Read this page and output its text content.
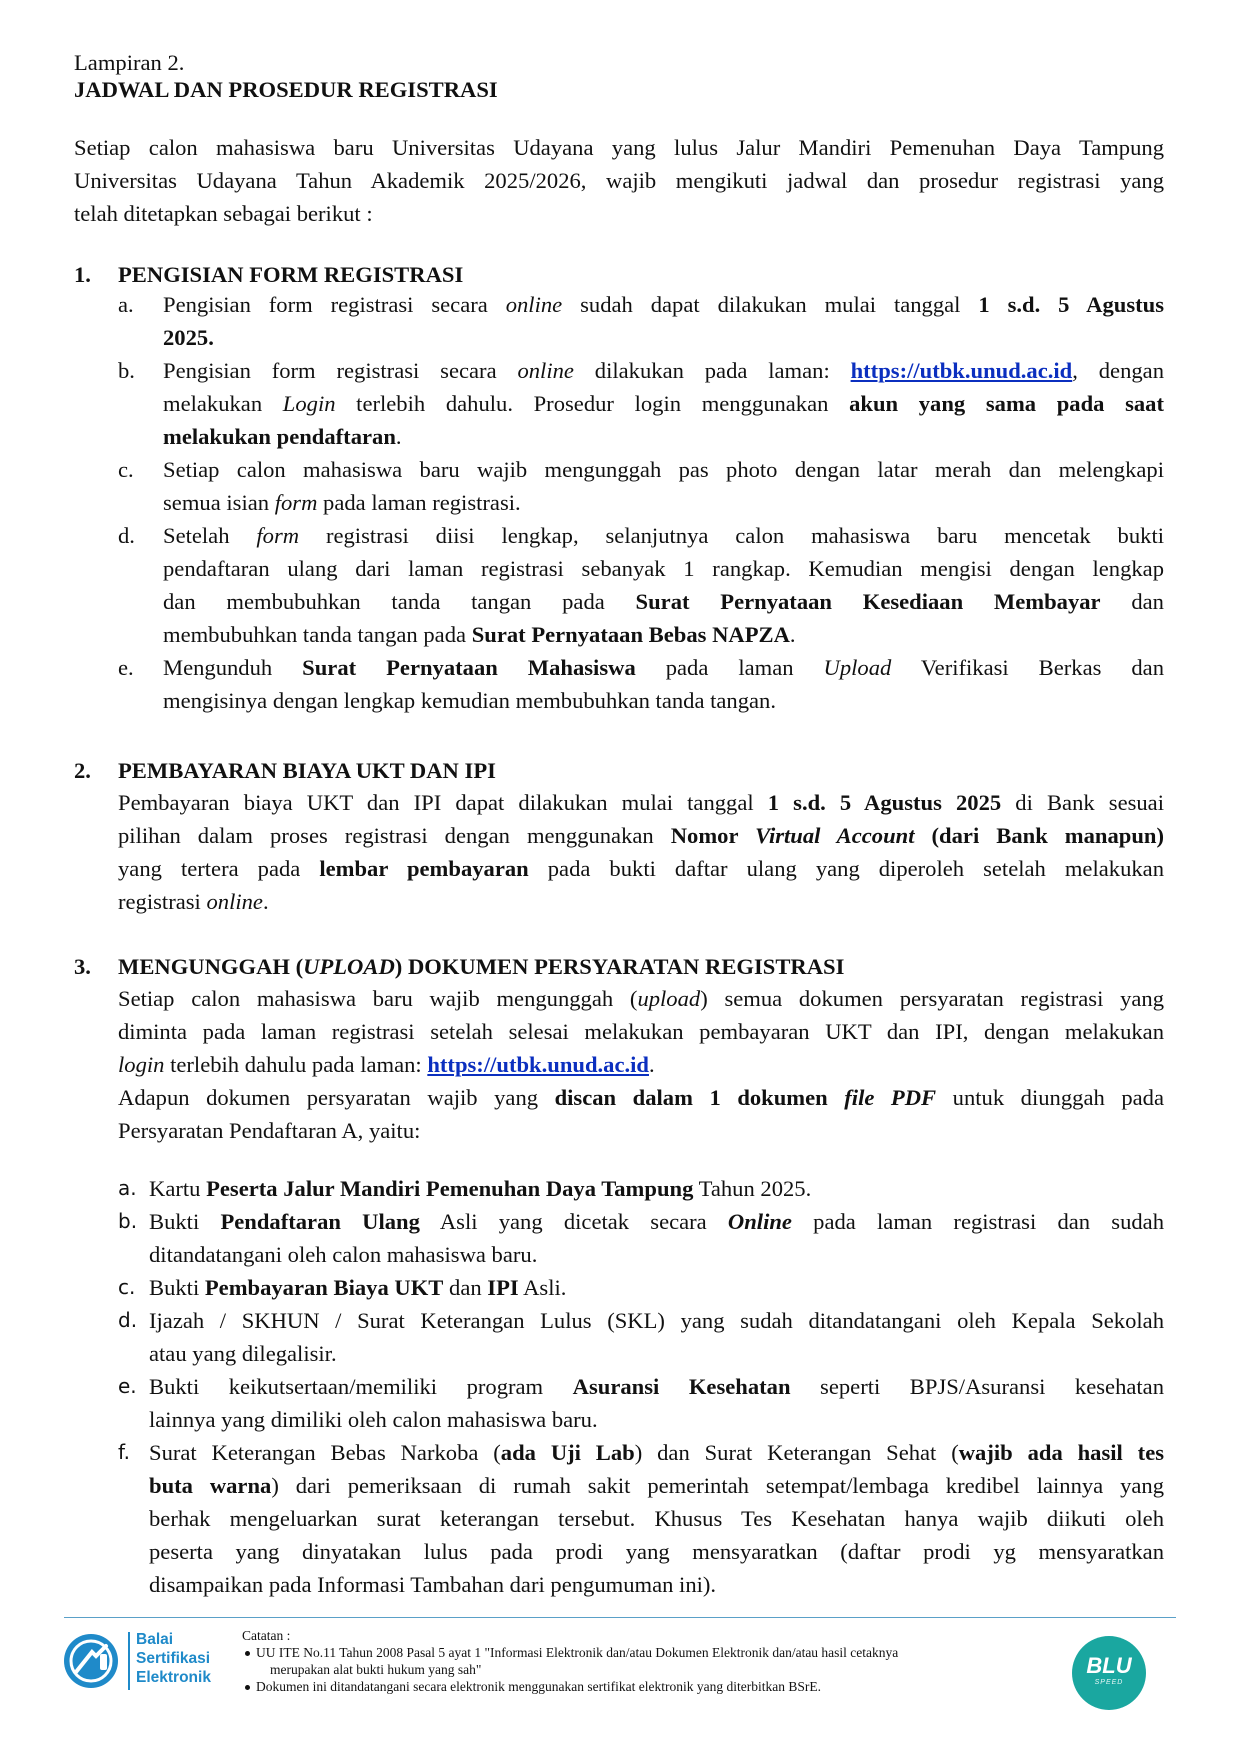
Lampiran 2.
JADWAL DAN PROSEDUR REGISTRASI
Setiap calon mahasiswa baru Universitas Udayana yang lulus Jalur Mandiri Pemenuhan Daya Tampung
Universitas Udayana Tahun Akademik 2025/2026, wajib mengikuti jadwal dan prosedur registrasi yang
telah ditetapkan sebagai berikut :
1. PENGISIAN FORM REGISTRASI
a. Pengisian form registrasi secara online sudah dapat dilakukan mulai tanggal 1 s.d. 5 Agustus
2025.
b. Pengisian form registrasi secara online dilakukan pada laman: https://utbk.unud.ac.id, dengan
melakukan Login terlebih dahulu. Prosedur login menggunakan akun yang sama pada saat
melakukan pendaftaran.
c. Setiap calon mahasiswa baru wajib mengunggah pas photo dengan latar merah dan melengkapi
semua isian form pada laman registrasi.
d. Setelah form registrasi diisi lengkap, selanjutnya calon mahasiswa baru mencetak bukti
pendaftaran ulang dari laman registrasi sebanyak 1 rangkap. Kemudian mengisi dengan lengkap
dan membubuhkan tanda tangan pada Surat Pernyataan Kesediaan Membayar dan
membubuhkan tanda tangan pada Surat Pernyataan Bebas NAPZA.
e. Mengunduh Surat Pernyataan Mahasiswa pada laman Upload Verifikasi Berkas dan
mengisinya dengan lengkap kemudian membubuhkan tanda tangan.
2. PEMBAYARAN BIAYA UKT DAN IPI
Pembayaran biaya UKT dan IPI dapat dilakukan mulai tanggal 1 s.d. 5 Agustus 2025 di Bank sesuai
pilihan dalam proses registrasi dengan menggunakan Nomor Virtual Account (dari Bank manapun)
yang tertera pada lembar pembayaran pada bukti daftar ulang yang diperoleh setelah melakukan
registrasi online.
3. MENGUNGGAH (UPLOAD) DOKUMEN PERSYARATAN REGISTRASI
Setiap calon mahasiswa baru wajib mengunggah (upload) semua dokumen persyaratan registrasi yang
diminta pada laman registrasi setelah selesai melakukan pembayaran UKT dan IPI, dengan melakukan
login terlebih dahulu pada laman: https://utbk.unud.ac.id.
Adapun dokumen persyaratan wajib yang discan dalam 1 dokumen file PDF untuk diunggah pada
Persyaratan Pendaftaran A, yaitu:
a. Kartu Peserta Jalur Mandiri Pemenuhan Daya Tampung Tahun 2025.
b. Bukti Pendaftaran Ulang Asli yang dicetak secara Online pada laman registrasi dan sudah
ditandatangani oleh calon mahasiswa baru.
c. Bukti Pembayaran Biaya UKT dan IPI Asli.
d. Ijazah / SKHUN / Surat Keterangan Lulus (SKL) yang sudah ditandatangani oleh Kepala Sekolah
atau yang dilegalisir.
e. Bukti keikutsertaan/memiliki program Asuransi Kesehatan seperti BPJS/Asuransi kesehatan
lainnya yang dimiliki oleh calon mahasiswa baru.
f. Surat Keterangan Bebas Narkoba (ada Uji Lab) dan Surat Keterangan Sehat (wajib ada hasil tes
buta warna) dari pemeriksaan di rumah sakit pemerintah setempat/lembaga kredibel lainnya yang
berhak mengeluarkan surat keterangan tersebut. Khusus Tes Kesehatan hanya wajib diikuti oleh
peserta yang dinyatakan lulus pada prodi yang mensyaratkan (daftar prodi yg mensyaratkan
disampaikan pada Informasi Tambahan dari pengumuman ini).
Balai
Sertifikasi
Elektronik
Catatan :
UU ITE No.11 Tahun 2008 Pasal 5 ayat 1 "Informasi Elektronik dan/atau Dokumen Elektronik dan/atau hasil cetaknya
merupakan alat bukti hukum yang sah"
Dokumen ini ditandatangani secara elektronik menggunakan sertifikat elektronik yang diterbitkan BSrE.
BLU
SPEED
